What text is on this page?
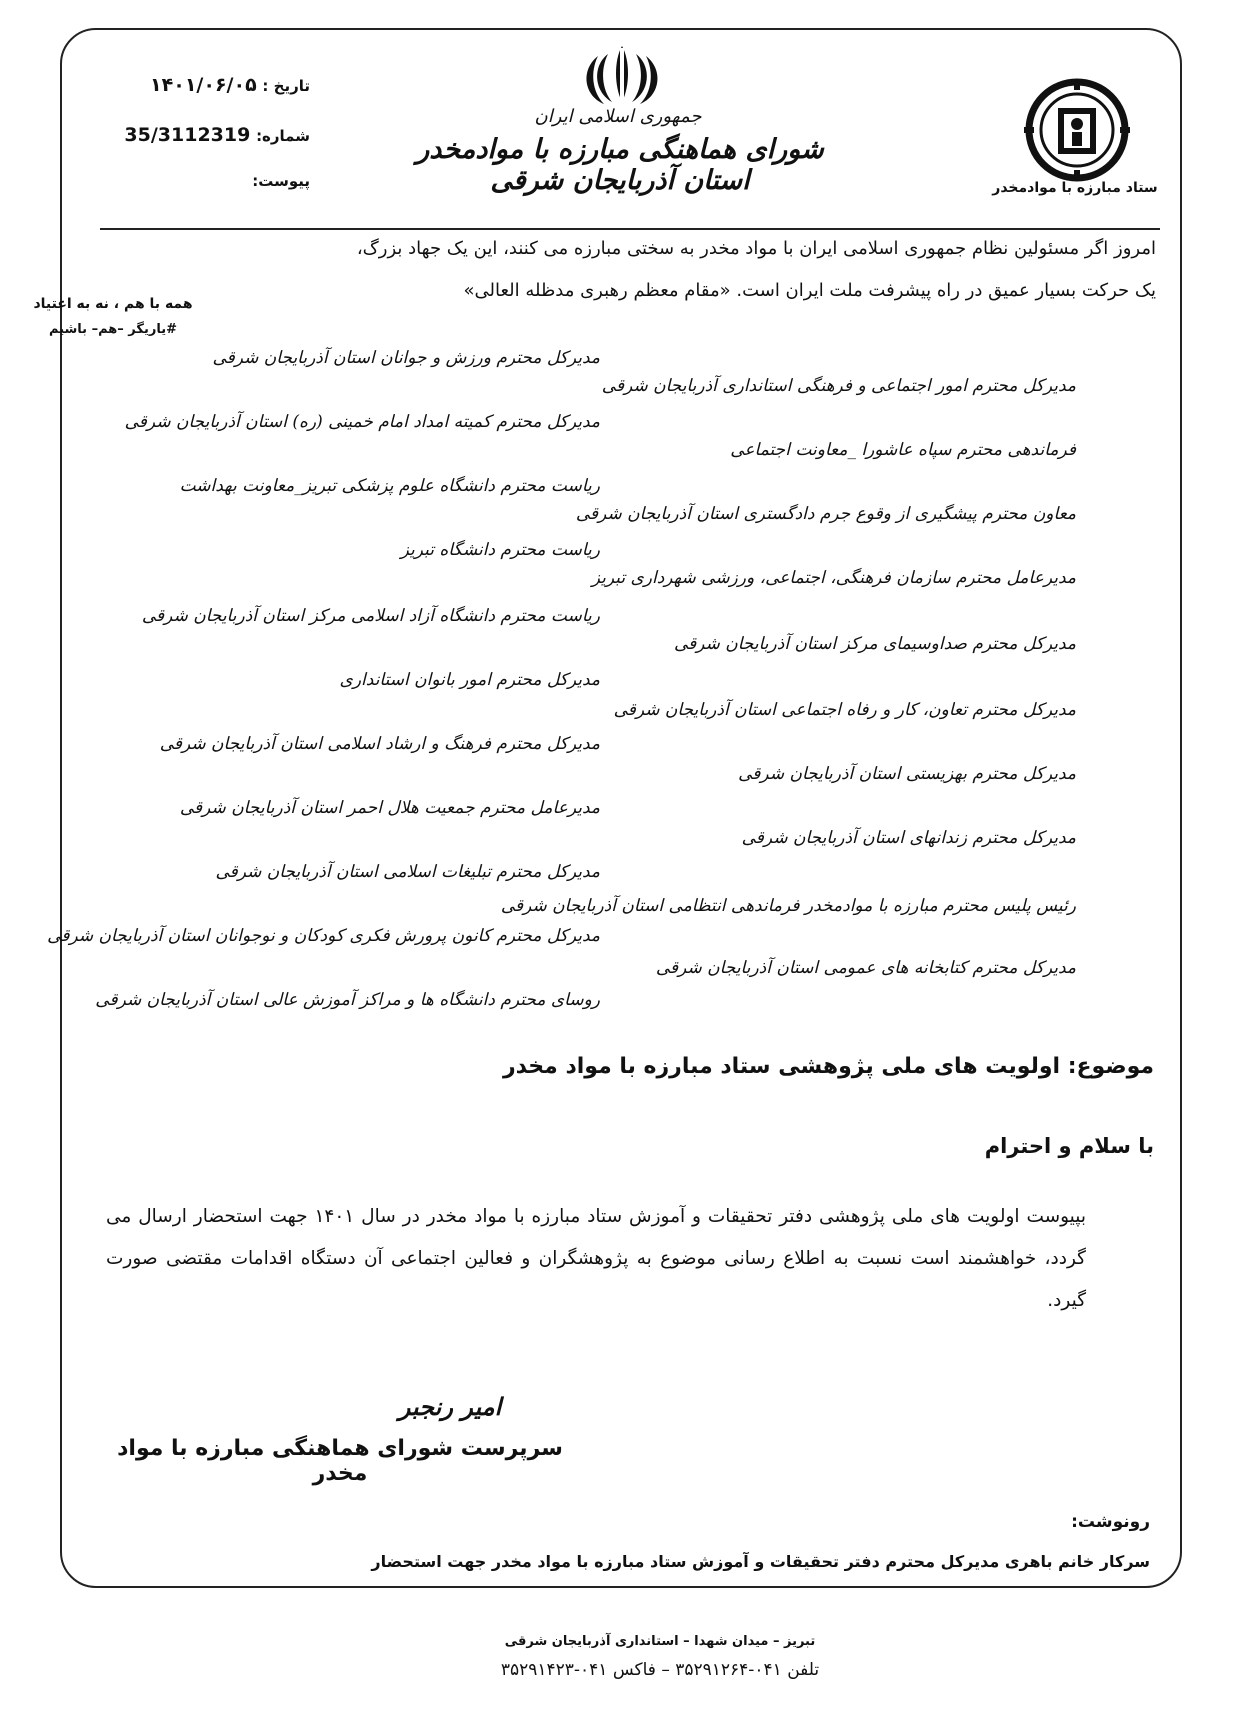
جمهوری اسلامی ایران
شورای هماهنگی مبارزه با موادمخدر استان آذربایجان شرقی	ستاد مبارزه با موادمخدر
تاریخ : ۱۴۰۱/۰۶/۰۵
شماره: 35/3112319
پیوست:
امروز اگر مسئولین نظام جمهوری اسلامی ایران با مواد مخدر به سختی مبارزه می کنند، این یک جهاد بزرگ،
یک حرکت بسیار عمیق در راه پیشرفت ملت ایران است. «مقام معظم رهبری مدظله العالی»
همه با هم ، نه به اعتیاد
#یاریگر –هم– باشیم
مدیرکل محترم امور اجتماعی و فرهنگی استانداری آذربایجان شرقی
فرماندهی محترم سپاه عاشورا _معاونت اجتماعی
معاون محترم پیشگیری از وقوع جرم دادگستری استان آذربایجان شرقی
مدیرعامل محترم سازمان فرهنگی، اجتماعی، ورزشی شهرداری تبریز
مدیرکل محترم صداوسیمای مرکز استان آذربایجان شرقی
مدیرکل محترم تعاون، کار و رفاه اجتماعی استان آذربایجان شرقی
مدیرکل محترم بهزیستی استان آذربایجان شرقی
مدیرکل محترم زندانهای استان آذربایجان شرقی
رئیس پلیس محترم مبارزه با موادمخدر فرماندهی انتظامی استان آذربایجان شرقی
مدیرکل محترم کتابخانه های عمومی استان آذربایجان شرقی
مدیرکل محترم ورزش و جوانان استان آذربایجان شرقی
مدیرکل محترم کمیته امداد امام خمینی (ره) استان آذربایجان شرقی
ریاست محترم دانشگاه علوم پزشکی تبریز_معاونت بهداشت
ریاست محترم دانشگاه تبریز
ریاست محترم دانشگاه آزاد اسلامی مرکز استان آذربایجان شرقی
مدیرکل محترم امور بانوان استانداری
مدیرکل محترم فرهنگ و ارشاد اسلامی استان آذربایجان شرقی
مدیرعامل محترم جمعیت هلال احمر استان آذربایجان شرقی
مدیرکل محترم تبلیغات اسلامی استان آذربایجان شرقی
مدیرکل محترم کانون پرورش فکری کودکان و نوجوانان استان آذربایجان شرقی
روسای محترم دانشگاه ها و مراکز آموزش عالی استان آذربایجان شرقی
موضوع: اولویت های ملی پژوهشی ستاد مبارزه با مواد مخدر
با سلام و احترام
بپیوست اولویت های ملی پژوهشی دفتر تحقیقات و آموزش ستاد مبارزه با مواد مخدر در سال ۱۴۰۱ جهت استحضار ارسال می گردد، خواهشمند است نسبت به اطلاع رسانی موضوع به پژوهشگران و فعالین اجتماعی آن دستگاه اقدامات مقتضی صورت گیرد.
امیر رنجبر
سرپرست شورای هماهنگی مبارزه با مواد مخدر
رونوشت:
سرکار خانم باهری مدیرکل محترم دفتر تحقیقات و آموزش ستاد مبارزه با مواد مخدر جهت استحضار
تبریز – میدان شهدا – استانداری آذربایجان شرقی
تلفن ۰۴۱-۳۵۲۹۱۲۶۴ – فاکس ۰۴۱-۳۵۲۹۱۴۲۳
